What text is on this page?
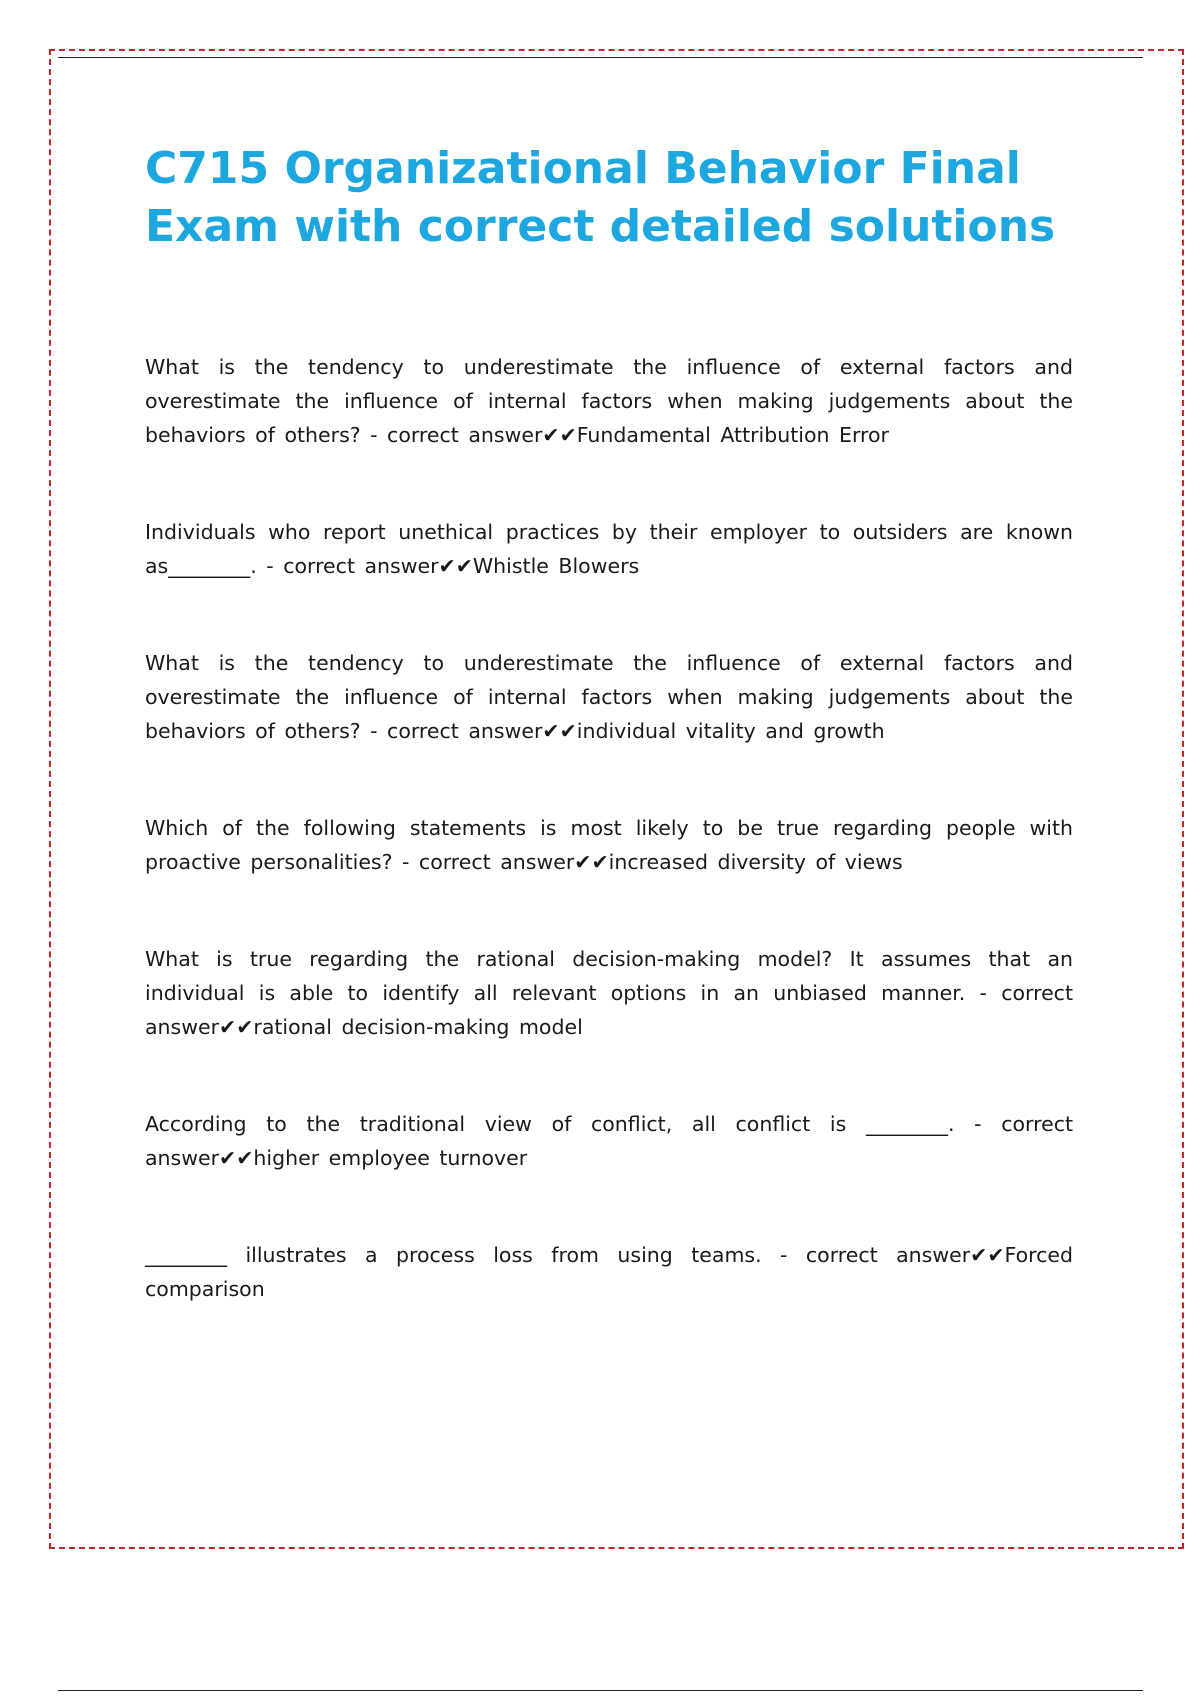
C715 Organizational Behavior Final Exam with correct detailed solutions

What is the tendency to underestimate the influence of external factors and overestimate the influence of internal factors when making judgements about the behaviors of others? - correct answer✔✔Fundamental Attribution Error

Individuals who report unethical practices by their employer to outsiders are known as________. - correct answer✔✔Whistle Blowers

What is the tendency to underestimate the influence of external factors and overestimate the influence of internal factors when making judgements about the behaviors of others? - correct answer✔✔individual vitality and growth

Which of the following statements is most likely to be true regarding people with proactive personalities? - correct answer✔✔increased diversity of views

What is true regarding the rational decision-making model? It assumes that an individual is able to identify all relevant options in an unbiased manner. - correct answer✔✔rational decision-making model

According to the traditional view of conflict, all conflict is ________. - correct answer✔✔higher employee turnover

________ illustrates a process loss from using teams. - correct answer✔✔Forced comparison
